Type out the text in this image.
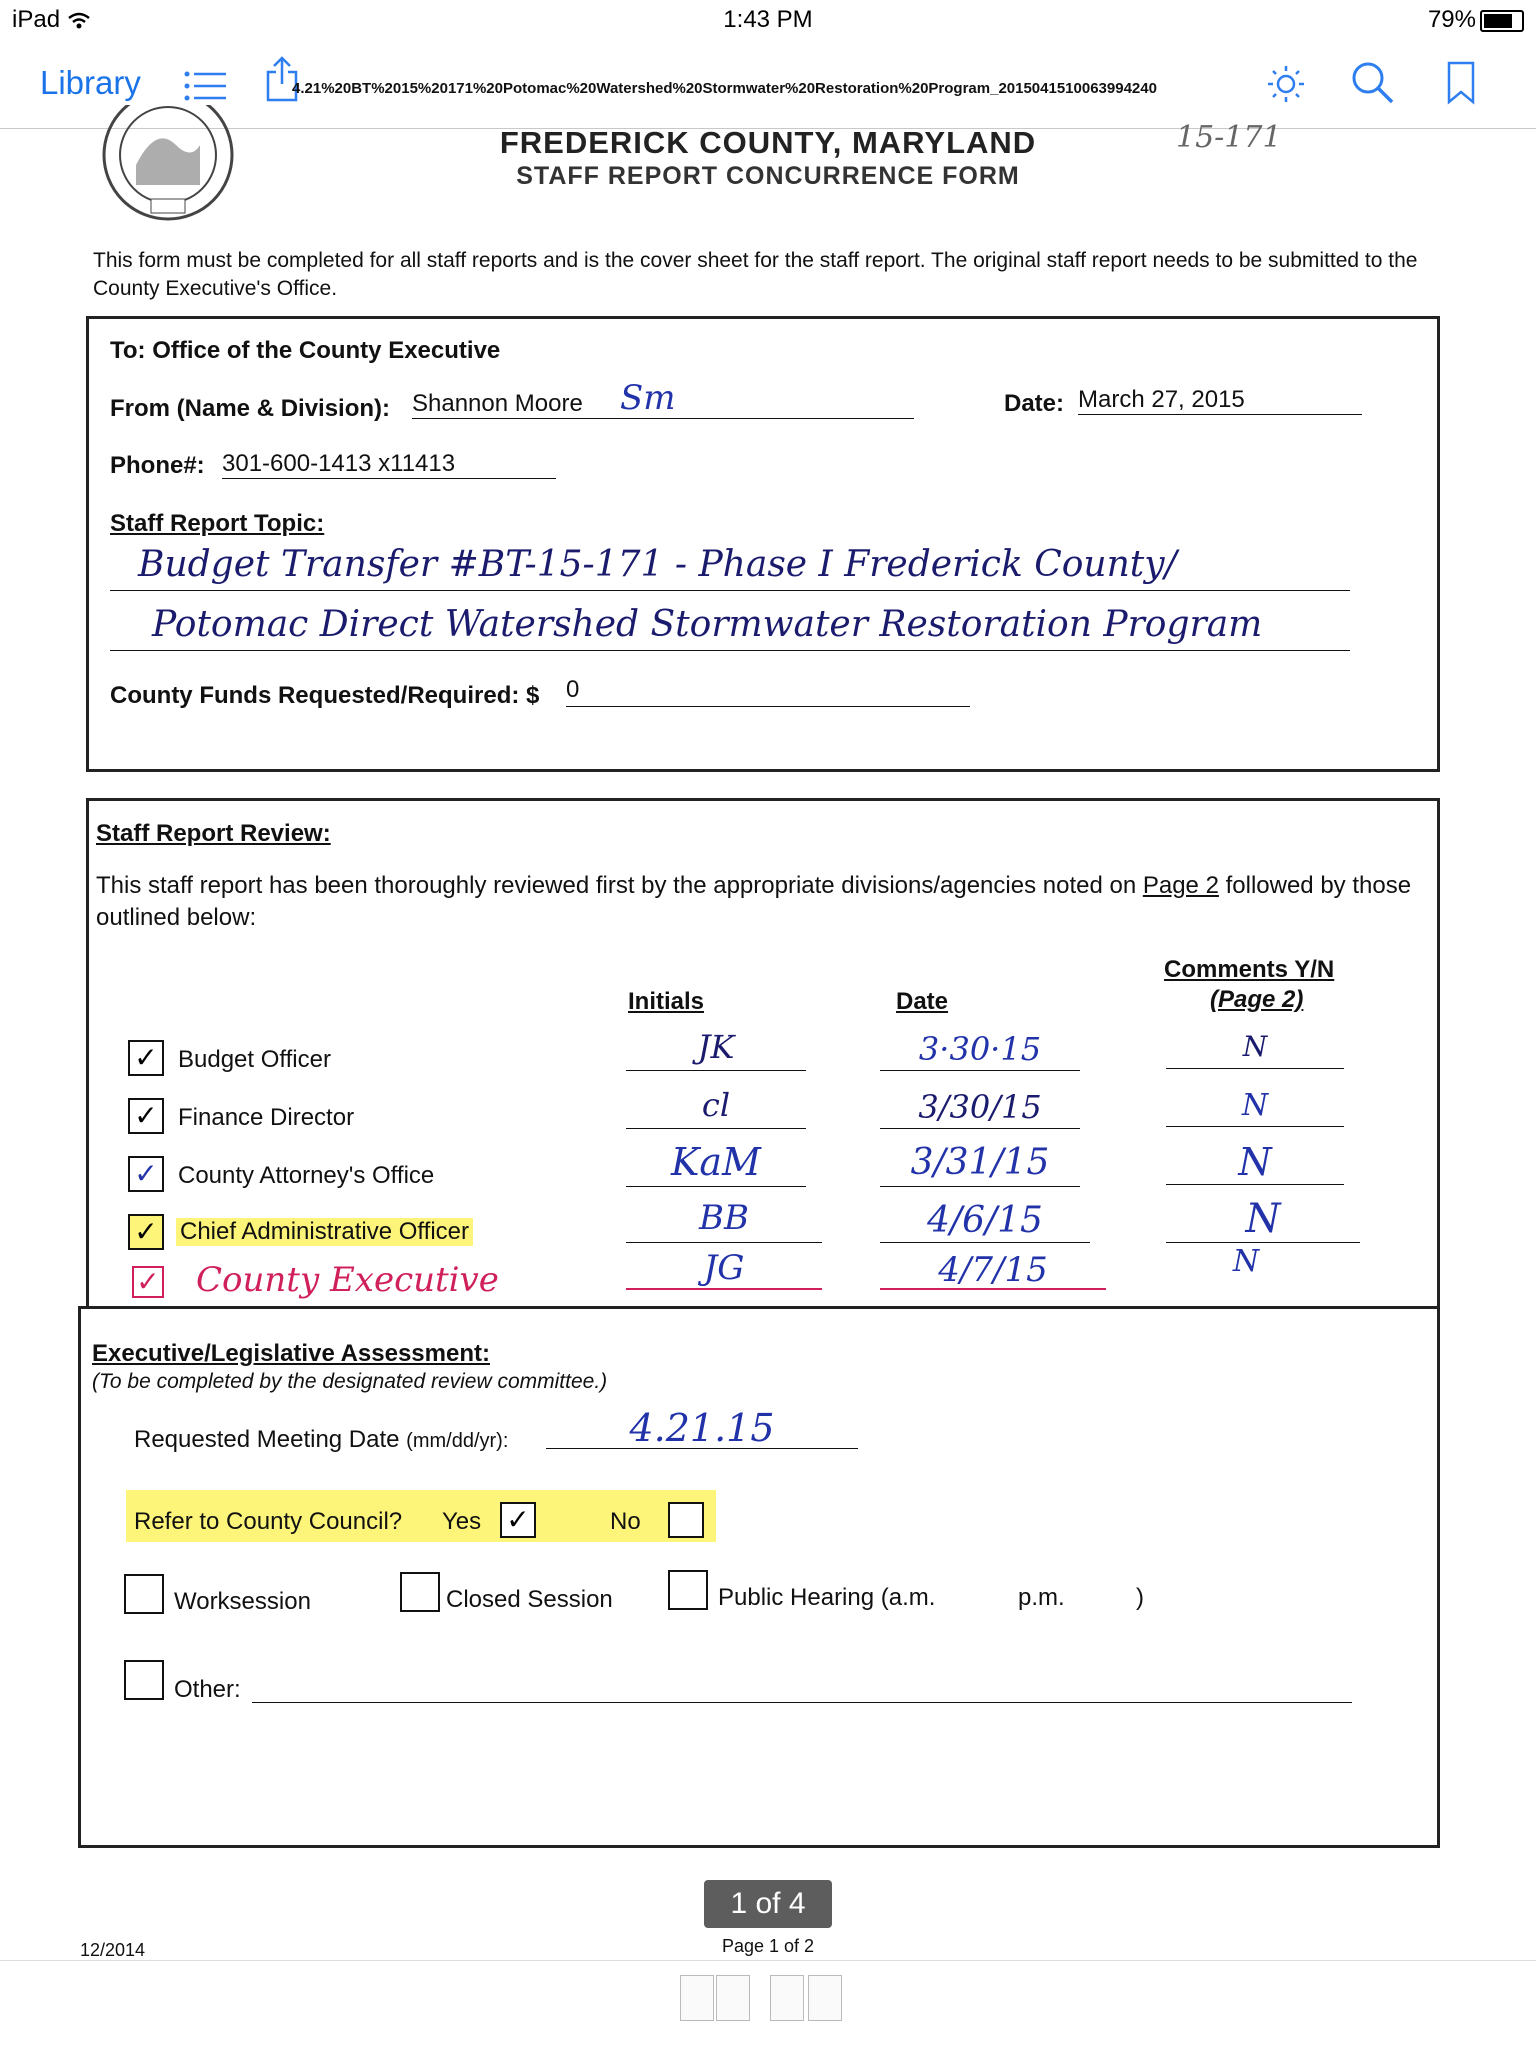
iPad	1:43 PM	79%
Library	4.21%20BT%2015%20171%20Potomac%20Watershed%20Stormwater%20Restoration%20Program_2015041510063994240
FREDERICK COUNTY, MARYLAND
STAFF REPORT CONCURRENCE FORM
15-171
This form must be completed for all staff reports and is the cover sheet for the staff report. The original staff report needs to be submitted to the County Executive's Office.
To: Office of the County Executive
From (Name & Division): Shannon Moore	Sm	Date: March 27, 2015
Phone#: 301-600-1413 x11413
Staff Report Topic:
Budget Transfer #BT-15-171 - Phase I Frederick County/
Potomac Direct Watershed Stormwater Restoration Program
County Funds Requested/Required: $ 0
Staff Report Review:
This staff report has been thoroughly reviewed first by the appropriate divisions/agencies noted on Page 2 followed by those outlined below:
Initials	Date
Comments Y/N
(Page 2)
✓ Budget Officer	JK	3·30·15	N
✓ Finance Director	cl	3/30/15	N
✓ County Attorney's Office	KaM	3/31/15	N
✓ Chief Administrative Officer	BB	4/6/15	N
✓ County Executive	JG	4/7/15	N
Executive/Legislative Assessment:
(To be completed by the designated review committee.)
Requested Meeting Date (mm/dd/yr):	4.21.15
Refer to County Council? Yes ✓	No
Worksession	Closed Session	Public Hearing (a.m.	p.m.	)
Other:
12/2014	Page 1 of 2
1 of 4
